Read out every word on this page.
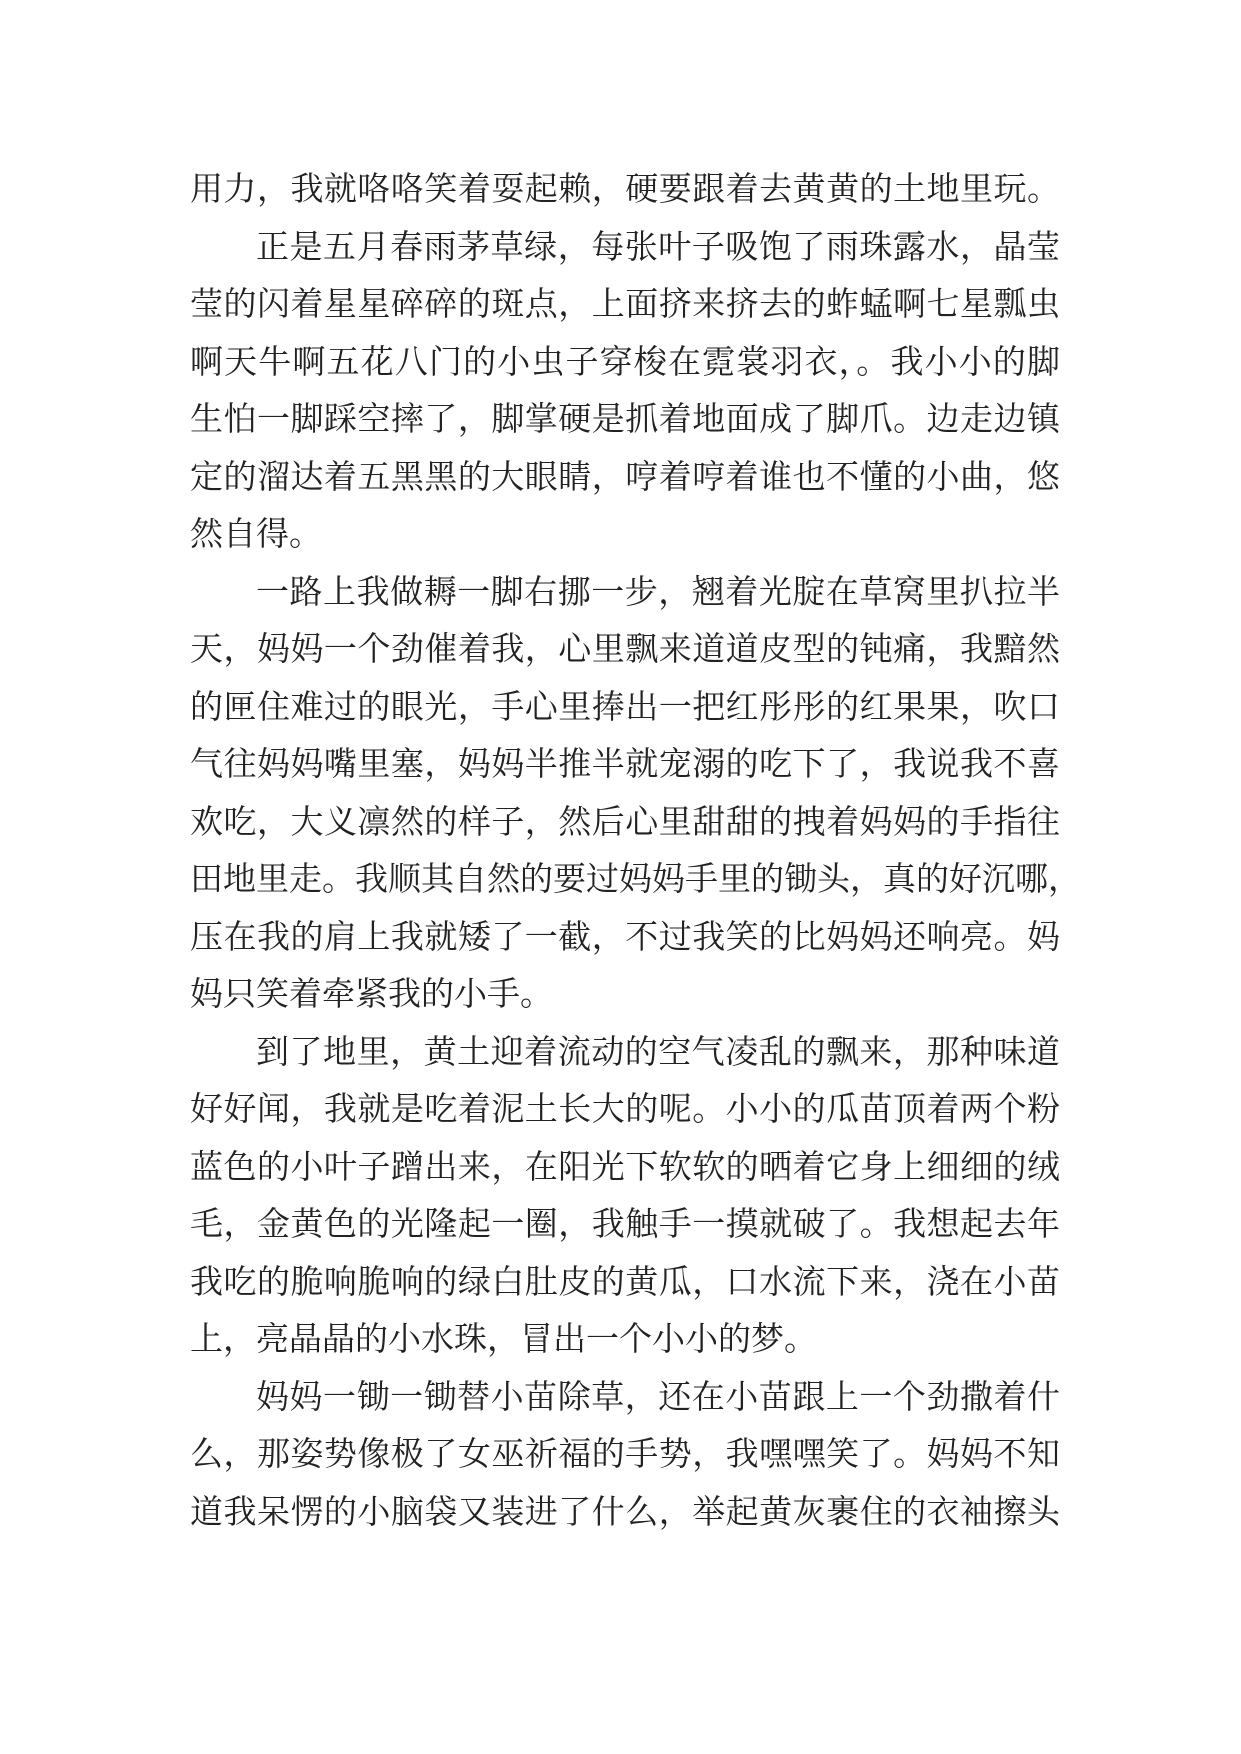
用力，我就咯咯笑着耍起赖，硬要跟着去黄黄的土地里玩。
正是五月春雨茅草绿，每张叶子吸饱了雨珠露水，晶莹
莹的闪着星星碎碎的斑点，上面挤来挤去的蚱蜢啊七星瓢虫
啊天牛啊五花八门的小虫子穿梭在霓裳羽衣，。我小小的脚
生怕一脚踩空摔了，脚掌硬是抓着地面成了脚爪。边走边镇
定的溜达着五黑黑的大眼睛，哼着哼着谁也不懂的小曲，悠
然自得。
一路上我做耨一脚右挪一步，翘着光腚在草窝里扒拉半
天，妈妈一个劲催着我，心里飘来道道皮型的钝痛，我黯然
的匣住难过的眼光，手心里捧出一把红彤彤的红果果，吹口
气往妈妈嘴里塞，妈妈半推半就宠溺的吃下了，我说我不喜
欢吃，大义凛然的样子，然后心里甜甜的拽着妈妈的手指往
田地里走。我顺其自然的要过妈妈手里的锄头，真的好沉哪，
压在我的肩上我就矮了一截，不过我笑的比妈妈还响亮。妈
妈只笑着牵紧我的小手。
到了地里，黄土迎着流动的空气凌乱的飘来，那种味道
好好闻，我就是吃着泥土长大的呢。小小的瓜苗顶着两个粉
蓝色的小叶子蹭出来，在阳光下软软的晒着它身上细细的绒
毛，金黄色的光隆起一圈，我触手一摸就破了。我想起去年
我吃的脆响脆响的绿白肚皮的黄瓜，口水流下来，浇在小苗
上，亮晶晶的小水珠，冒出一个小小的梦。
妈妈一锄一锄替小苗除草，还在小苗跟上一个劲撒着什
么，那姿势像极了女巫祈福的手势，我嘿嘿笑了。妈妈不知
道我呆愣的小脑袋又装进了什么，举起黄灰裹住的衣袖擦头
